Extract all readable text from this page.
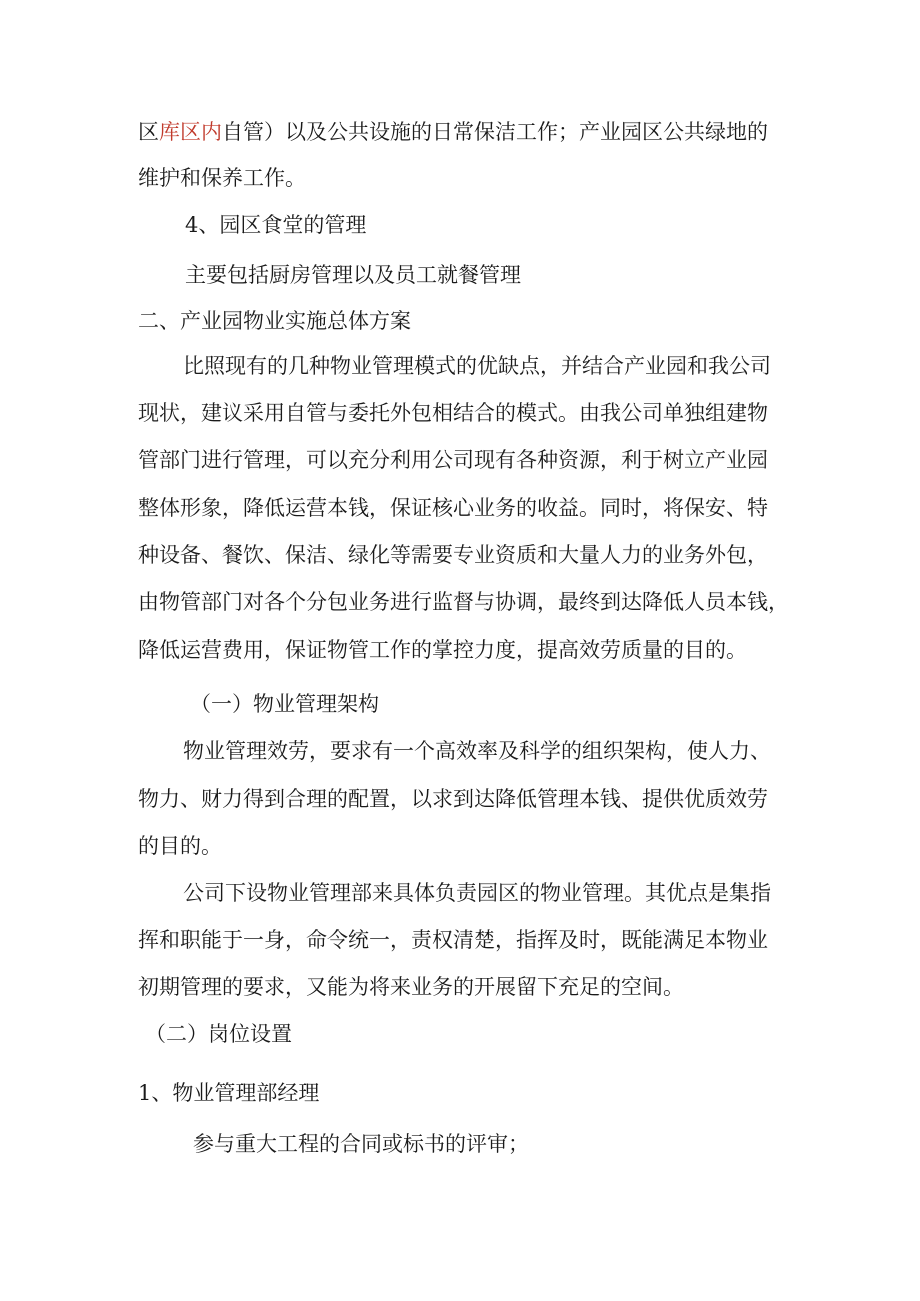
区库区内自管）以及公共设施的日常保洁工作；产业园区公共绿地的

维护和保养工作。

4、园区食堂的管理

主要包括厨房管理以及员工就餐管理

二、产业园物业实施总体方案

比照现有的几种物业管理模式的优缺点，并结合产业园和我公司

现状，建议采用自管与委托外包相结合的模式。由我公司单独组建物

管部门进行管理，可以充分利用公司现有各种资源，利于树立产业园

整体形象，降低运营本钱，保证核心业务的收益。同时，将保安、特

种设备、餐饮、保洁、绿化等需要专业资质和大量人力的业务外包，

由物管部门对各个分包业务进行监督与协调，最终到达降低人员本钱，

降低运营费用，保证物管工作的掌控力度，提高效劳质量的目的。

（一）物业管理架构

物业管理效劳，要求有一个高效率及科学的组织架构，使人力、

物力、财力得到合理的配置，以求到达降低管理本钱、提供优质效劳

的目的。

公司下设物业管理部来具体负责园区的物业管理。其优点是集指

挥和职能于一身，命令统一，责权清楚，指挥及时，既能满足本物业

初期管理的要求，又能为将来业务的开展留下充足的空间。

（二）岗位设置

1、物业管理部经理

参与重大工程的合同或标书的评审；
